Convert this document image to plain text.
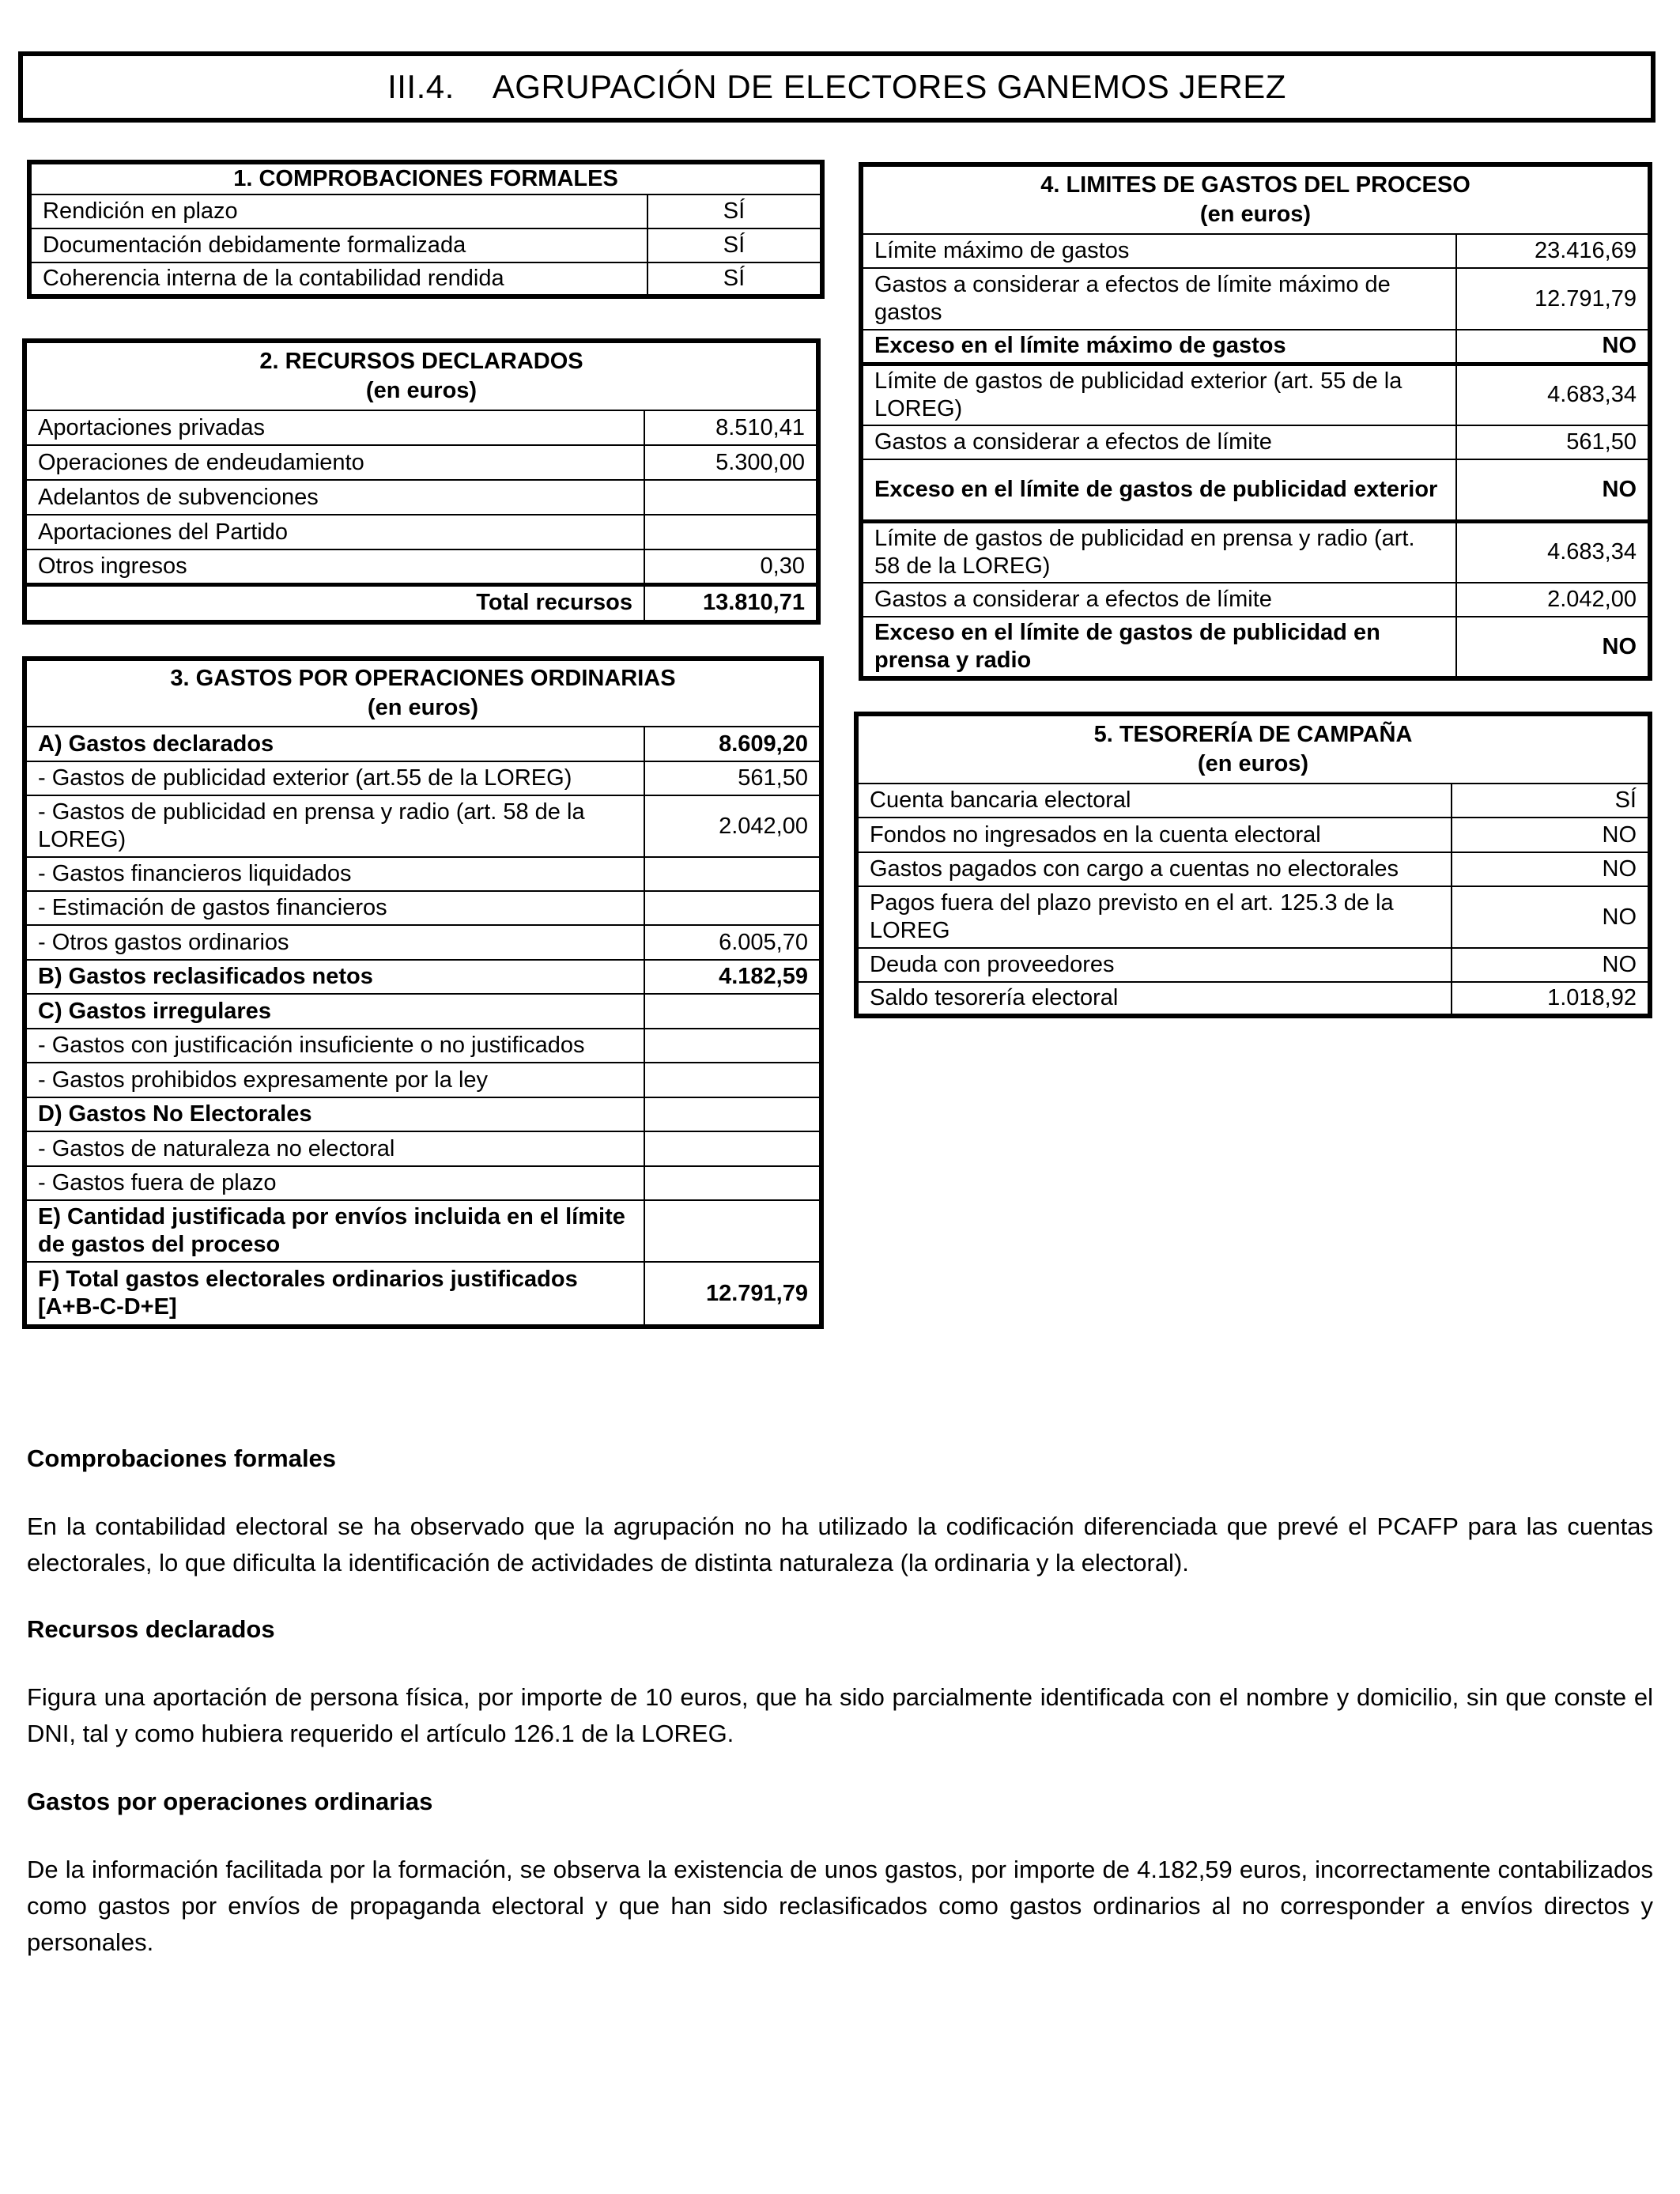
III.4. AGRUPACIÓN DE ELECTORES GANEMOS JEREZ
1. COMPROBACIONES FORMALES	
Rendición en plazo	SÍ
Documentación debidamente formalizada	SÍ
Coherencia interna de la contabilidad rendida	SÍ
2. RECURSOS DECLARADOS
(en euros)	

Aportaciones privadas	8.510,41
Operaciones de endeudamiento	5.300,00
Adelantos de subvenciones	
Aportaciones del Partido	
Otros ingresos	0,30
Total recursos	13.810,71
3. GASTOS POR OPERACIONES ORDINARIAS
(en euros)	

A) Gastos declarados	8.609,20
- Gastos de publicidad exterior (art.55 de la LOREG)	561,50
- Gastos de publicidad en prensa y radio (art. 58 de la LOREG)	2.042,00
- Gastos financieros liquidados	
- Estimación de gastos financieros	
- Otros gastos ordinarios	6.005,70
B) Gastos reclasificados netos	4.182,59
C) Gastos irregulares	
- Gastos con justificación insuficiente o no justificados	
- Gastos prohibidos expresamente por la ley	
D) Gastos No Electorales	
- Gastos de naturaleza no electoral	
- Gastos fuera de plazo	
E) Cantidad justificada por envíos incluida en el límite de gastos del proceso	
F) Total gastos electorales ordinarios justificados [A+B-C-D+E]	12.791,79
4. LIMITES DE GASTOS DEL PROCESO
(en euros)	

Límite máximo de gastos	23.416,69
Gastos a considerar a efectos de límite máximo de gastos	12.791,79
Exceso en el límite máximo de gastos	NO
Límite de gastos de publicidad exterior (art. 55 de la LOREG)	4.683,34
Gastos a considerar a efectos de límite	561,50
Exceso en el límite de gastos de publicidad exterior	NO
Límite de gastos de publicidad en prensa y radio (art. 58 de la LOREG)	4.683,34
Gastos a considerar a efectos de límite	2.042,00
Exceso en el límite de gastos de publicidad en prensa y radio	NO
5. TESORERÍA DE CAMPAÑA
(en euros)	

Cuenta bancaria electoral	SÍ
Fondos no ingresados en la cuenta electoral	NO
Gastos pagados con cargo a cuentas no electorales	NO
Pagos fuera del plazo previsto en el art. 125.3 de la LOREG	NO
Deuda con proveedores	NO
Saldo tesorería electoral	1.018,92
Comprobaciones formales

En la contabilidad electoral se ha observado que la agrupación no ha utilizado la codificación diferenciada que prevé el PCAFP para las cuentas electorales, lo que dificulta la identificación de actividades de distinta naturaleza (la ordinaria y la electoral).

Recursos declarados

Figura una aportación de persona física, por importe de 10 euros, que ha sido parcialmente identificada con el nombre y domicilio, sin que conste el DNI, tal y como hubiera requerido el artículo 126.1 de la LOREG.

Gastos por operaciones ordinarias

De la información facilitada por la formación, se observa la existencia de unos gastos, por importe de 4.182,59 euros, incorrectamente contabilizados como gastos por envíos de propaganda electoral y que han sido reclasificados como gastos ordinarios al no corresponder a envíos directos y personales.
